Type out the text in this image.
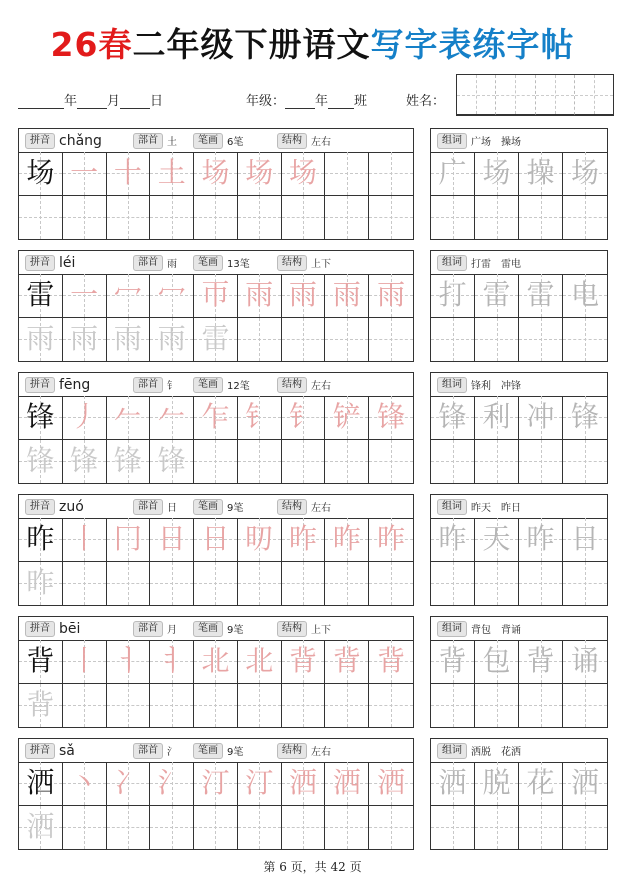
26春二年级下册语文写字表练字帖
年 月 日	年级： 年 班	姓名：
拼音 chǎng	部首 土	笔画 6笔	结构 左右
场 一 十 土 场 场 场
组词 广场　操场
广 场 操 场
拼音 léi	部首 雨	笔画 13笔	结构 上下
雷 一 冖 冖 帀 雨 雨 雨 雨
雨 雨 雨 雨 雷
组词 打雷　雷电
打 雷 雷 电
拼音 fēng	部首 钅	笔画 12笔	结构 左右
锋 丿 𠂉 𠂉 乍 钅 钅 铲 锋
锋 锋 锋 锋
组词 锋利　冲锋
锋 利 冲 锋
拼音 zuó	部首 日	笔画 9笔	结构 左右
昨 丨 冂 日 日 旫 昨 昨 昨
昨
组词 昨天　昨日
昨 天 昨 日
拼音 bēi	部首 月	笔画 9笔	结构 上下
背 丨 ㅓ ㅕ 北 北 背 背 背
背
组词 背包　背诵
背 包 背 诵
拼音 sǎ	部首 氵	笔画 9笔	结构 左右
洒 丶 冫 氵 汀 汀 洒 洒 洒
洒
组词 洒脱　花洒
洒 脱 花 洒
第 6 页，共 42 页
